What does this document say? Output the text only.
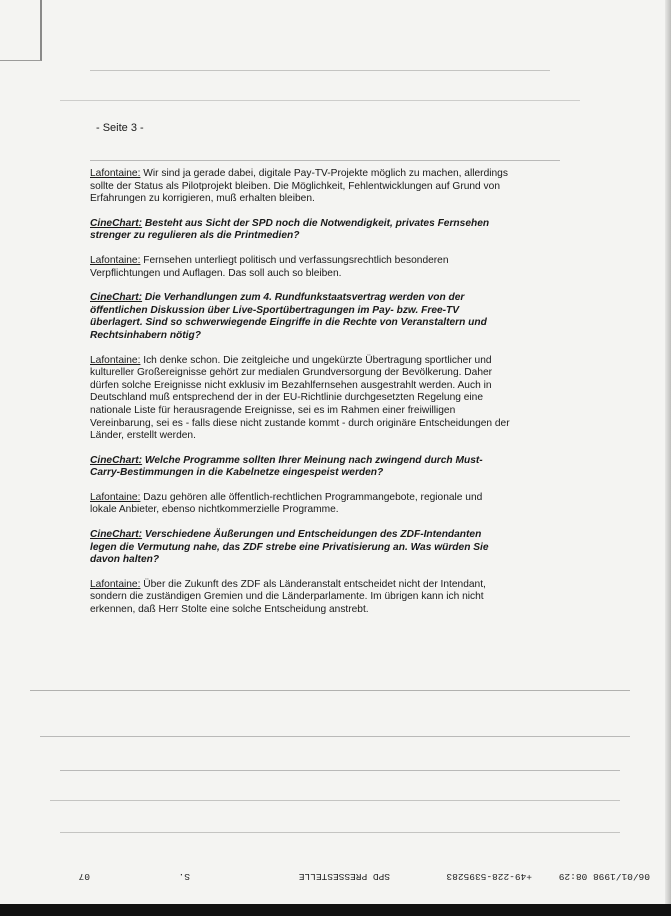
- Seite 3 -

Lafontaine: Wir sind ja gerade dabei, digitale Pay-TV-Projekte möglich zu machen, allerdings sollte der Status als Pilotprojekt bleiben. Die Möglichkeit, Fehlentwicklungen auf Grund von Erfahrungen zu korrigieren, muß erhalten bleiben.

CineChart: Besteht aus Sicht der SPD noch die Notwendigkeit, privates Fernsehen strenger zu regulieren als die Printmedien?

Lafontaine: Fernsehen unterliegt politisch und verfassungsrechtlich besonderen Verpflichtungen und Auflagen. Das soll auch so bleiben.

CineChart: Die Verhandlungen zum 4. Rundfunkstaatsvertrag werden von der öffentlichen Diskussion über Live-Sportübertragungen im Pay- bzw. Free-TV überlagert. Sind so schwerwiegende Eingriffe in die Rechte von Veranstaltern und Rechtsinhabern nötig?

Lafontaine: Ich denke schon. Die zeitgleiche und ungekürzte Übertragung sportlicher und kultureller Großereignisse gehört zur medialen Grundversorgung der Bevölkerung. Daher dürfen solche Ereignisse nicht exklusiv im Bezahlfernsehen ausgestrahlt werden. Auch in Deutschland muß entsprechend der in der EU-Richtlinie durchgesetzten Regelung eine nationale Liste für herausragende Ereignisse, sei es im Rahmen einer freiwilligen Vereinbarung, sei es - falls diese nicht zustande kommt - durch originäre Entscheidungen der Länder, erstellt werden.

CineChart: Welche Programme sollten Ihrer Meinung nach zwingend durch Must-Carry-Bestimmungen in die Kabelnetze eingespeist werden?

Lafontaine: Dazu gehören alle öffentlich-rechtlichen Programmangebote, regionale und lokale Anbieter, ebenso nichtkommerzielle Programme.

CineChart: Verschiedene Äußerungen und Entscheidungen des ZDF-Intendanten legen die Vermutung nahe, das ZDF strebe eine Privatisierung an. Was würden Sie davon halten?

Lafontaine: Über die Zukunft des ZDF als Länderanstalt entscheidet nicht der Intendant, sondern die zuständigen Gremien und die Länderparlamente. Im übrigen kann ich nicht erkennen, daß Herr Stolte eine solche Entscheidung anstrebt.

06/01/1998 08:29
+49-228-5395283
SPD PRESSESTELLE
S.
07
